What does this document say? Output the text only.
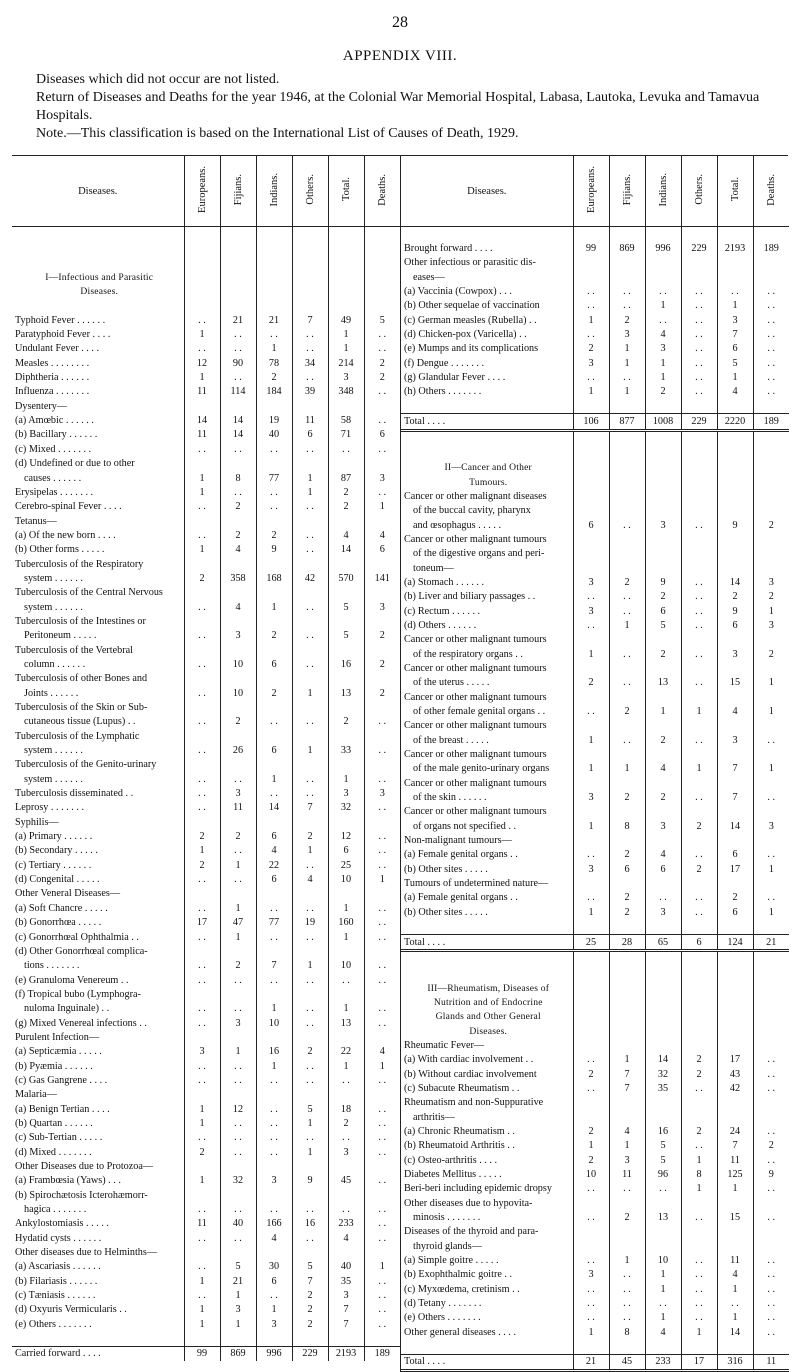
28
APPENDIX VIII.
Diseases which did not occur are not listed.
Return of Diseases and Deaths for the year 1946, at the Colonial War Memorial Hospital, Labasa, Lautoka, Levuka and Tamavua Hospitals.
Note.—This classification is based on the International List of Causes of Death, 1929.
Diseases.	Europeans.	Fijians.	Indians.	Others.	Total.	Deaths.

I—Infectious and Parasitic						
Diseases.						

Typhoid Fever . . . . . .	. .	21	21	7	49	5
Paratyphoid Fever . . . .	1	. .	. .	. .	1	. .
Undulant Fever . . . .	. .	. .	1	. .	1	. .
Measles . . . . . . . .	12	90	78	34	214	2
Diphtheria . . . . . .	1	. .	2	. .	3	2
Influenza . . . . . . .	11	114	184	39	348	. .
Dysentery—						
(a) Amœbic . . . . . .	14	14	19	11	58	. .
(b) Bacillary . . . . . .	11	14	40	6	71	6
(c) Mixed . . . . . . .	. .	. .	. .	. .	. .	. .
(d) Undefined or due to other						
causes . . . . . .	1	8	77	1	87	3
Erysipelas . . . . . . .	1	. .	. .	1	2	. .
Cerebro-spinal Fever . . . .	. .	2	. .	. .	2	1
Tetanus—						
(a) Of the new born . . . .	. .	2	2	. .	4	4
(b) Other forms . . . . .	1	4	9	. .	14	6
Tuberculosis of the Respiratory						
system . . . . . .	2	358	168	42	570	141
Tuberculosis of the Central Nervous						
system . . . . . .	. .	4	1	. .	5	3
Tuberculosis of the Intestines or						
Peritoneum . . . . .	. .	3	2	. .	5	2
Tuberculosis of the Vertebral						
column . . . . . .	. .	10	6	. .	16	2
Tuberculosis of other Bones and						
Joints . . . . . .	. .	10	2	1	13	2
Tuberculosis of the Skin or Sub-						
cutaneous tissue (Lupus) . .	. .	2	. .	. .	2	. .
Tuberculosis of the Lymphatic						
system . . . . . .	. .	26	6	1	33	. .
Tuberculosis of the Genito-urinary						
system . . . . . .	. .	. .	1	. .	1	. .
Tuberculosis disseminated . .	. .	3	. .	. .	3	3
Leprosy . . . . . . .	. .	11	14	7	32	. .
Syphilis—						
(a) Primary . . . . . .	2	2	6	2	12	. .
(b) Secondary . . . . .	1	. .	4	1	6	. .
(c) Tertiary . . . . . .	2	1	22	. .	25	. .
(d) Congenital . . . . .	. .	. .	6	4	10	1
Other Veneral Diseases—						
(a) Soft Chancre . . . . .	. .	1	. .	. .	1	. .
(b) Gonorrhœa . . . . .	17	47	77	19	160	. .
(c) Gonorrhœal Ophthalmia . .	. .	1	. .	. .	1	. .
(d) Other Gonorrhœal complica-						
tions . . . . . . .	. .	2	7	1	10	. .
(e) Granuloma Venereum . .	. .	. .	. .	. .	. .	. .
(f) Tropical bubo (Lymphogra-						
nuloma Inguinale) . .	. .	. .	1	. .	1	. .
(g) Mixed Venereal infections . .	. .	3	10	. .	13	. .
Purulent Infection—						
(a) Septicæmia . . . . .	3	1	16	2	22	4
(b) Pyæmia . . . . . .	. .	. .	1	. .	1	1
(c) Gas Gangrene . . . .	. .	. .	. .	. .	. .	. .
Malaria—						
(a) Benign Tertian . . . .	1	12	. .	5	18	. .
(b) Quartan . . . . . .	1	. .	. .	1	2	. .
(c) Sub-Tertian . . . . .	. .	. .	. .	. .	. .	. .
(d) Mixed . . . . . . .	2	. .	. .	1	3	. .
Other Diseases due to Protozoa—						
(a) Frambœsia (Yaws) . . .	1	32	3	9	45	. .
(b) Spirochætosis Icterohæmorr-						
hagica . . . . . . .	. .	. .	. .	. .	. .	. .
Ankylostomiasis . . . . .	11	40	166	16	233	. .
Hydatid cysts . . . . . .	. .	. .	4	. .	4	. .
Other diseases due to Helminths—						
(a) Ascariasis . . . . . .	. .	5	30	5	40	1
(b) Filariasis . . . . . .	1	21	6	7	35	. .
(c) Tæniasis . . . . . .	. .	1	. .	2	3	. .
(d) Oxyuris Vermicularis . .	1	3	1	2	7	. .
(e) Others . . . . . . .	1	1	3	2	7	. .

Carried forward . . . .	99	869	996	229	2193	189
Diseases.	Europeans.	Fijians.	Indians.	Others.	Total.	Deaths.

Brought forward . . . .	99	869	996	229	2193	189
Other infectious or parasitic dis-						
eases—						
(a) Vaccinia (Cowpox) . . .	. .	. .	. .	. .	. .	. .
(b) Other sequelae of vaccination	. .	. .	1	. .	1	. .
(c) German measles (Rubella) . .	1	2	. .	. .	3	. .
(d) Chicken-pox (Varicella) . .	. .	3	4	. .	7	. .
(e) Mumps and its complications	2	1	3	. .	6	. .
(f) Dengue . . . . . . .	3	1	1	. .	5	. .
(g) Glandular Fever . . . .	. .	. .	1	. .	1	. .
(h) Others . . . . . . .	1	1	2	. .	4	. .

Total . . . .	106	877	1008	229	2220	189

II—Cancer and Other						
Tumours.						
Cancer or other malignant diseases						
of the buccal cavity, pharynx						
and œsophagus . . . . .	6	. .	3	. .	9	2
Cancer or other malignant tumours						
of the digestive organs and peri-						
toneum—						
(a) Stomach . . . . . .	3	2	9	. .	14	3
(b) Liver and biliary passages . .	. .	. .	2	. .	2	2
(c) Rectum . . . . . .	3	. .	6	. .	9	1
(d) Others . . . . . .	. .	1	5	. .	6	3
Cancer or other malignant tumours						
of the respiratory organs . .	1	. .	2	. .	3	2
Cancer or other malignant tumours						
of the uterus . . . . .	2	. .	13	. .	15	1
Cancer or other malignant tumours						
of other female genital organs . .	. .	2	1	1	4	1
Cancer or other malignant tumours						
of the breast . . . . .	1	. .	2	. .	3	. .
Cancer or other malignant tumours						
of the male genito-urinary organs	1	1	4	1	7	1
Cancer or other malignant tumours						
of the skin . . . . . .	3	2	2	. .	7	. .
Cancer or other malignant tumours						
of organs not specified . .	1	8	3	2	14	3
Non-malignant tumours—						
(a) Female genital organs . .	. .	2	4	. .	6	. .
(b) Other sites . . . . .	3	6	6	2	17	1
Tumours of undetermined nature—						
(a) Female genital organs . .	. .	2	. .	. .	2	. .
(b) Other sites . . . . .	1	2	3	. .	6	1

Total . . . .	25	28	65	6	124	21

III—Rheumatism, Diseases of						
Nutrition and of Endocrine						
Glands and Other General						
Diseases.						
Rheumatic Fever—						
(a) With cardiac involvement . .	. .	1	14	2	17	. .
(b) Without cardiac involvement	2	7	32	2	43	. .
(c) Subacute Rheumatism . .	. .	7	35	. .	42	. .
Rheumatism and non-Suppurative						
arthritis—						
(a) Chronic Rheumatism . .	2	4	16	2	24	. .
(b) Rheumatoid Arthritis . .	1	1	5	. .	7	2
(c) Osteo-arthritis . . . .	2	3	5	1	11	. .
Diabetes Mellitus . . . . .	10	11	96	8	125	9
Beri-beri including epidemic dropsy	. .	. .	. .	1	1	. .
Other diseases due to hypovita-						
minosis . . . . . . .	. .	2	13	. .	15	. .
Diseases of the thyroid and para-						
thyroid glands—						
(a) Simple goitre . . . . .	. .	1	10	. .	11	. .
(b) Exophthalmic goitre . .	3	. .	1	. .	4	. .
(c) Myxœdema, cretinism . .	. .	. .	1	. .	1	. .
(d) Tetany . . . . . . .	. .	. .	. .	. .	. .	. .
(e) Others . . . . . . .	. .	. .	1	. .	1	. .
Other general diseases . . . .	1	8	4	1	14	. .

Total . . . .	21	45	233	17	316	11
